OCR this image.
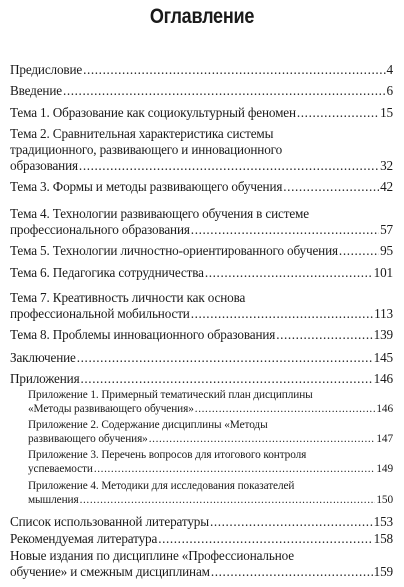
Оглавление
Предисловие .....	4
Введение .....	6
Тема 1. Образование как социокультурный феномен .....	15
Тема 2. Сравнительная характеристика системы
традиционного, развивающего и инновационного
образования .....	32
Тема 3. Формы и методы развивающего обучения .....	42
Тема 4. Технологии развивающего обучения в системе
профессионального образования .....	57
Тема 5. Технологии личностно-ориентированного обучения .....	95
Тема 6. Педагогика сотрудничества .....	101
Тема 7. Креативность личности как основа
профессиональной мобильности .....	113
Тема 8. Проблемы инновационного образования .....	139
Заключение .....	145
Приложения .....	146
Приложение 1. Примерный тематический план дисциплины
«Методы развивающего обучения» .....	146
Приложение 2. Содержание дисциплины «Методы
развивающего обучения» .....	147
Приложение 3. Перечень вопросов для итогового контроля
успеваемости .....	149
Приложение 4. Методики для исследования показателей
мышления .....	150
Список использованной литературы .....	153
Рекомендуемая литература .....	158
Новые издания по дисциплине «Профессиональное
обучение» и смежным дисциплинам .....	159
